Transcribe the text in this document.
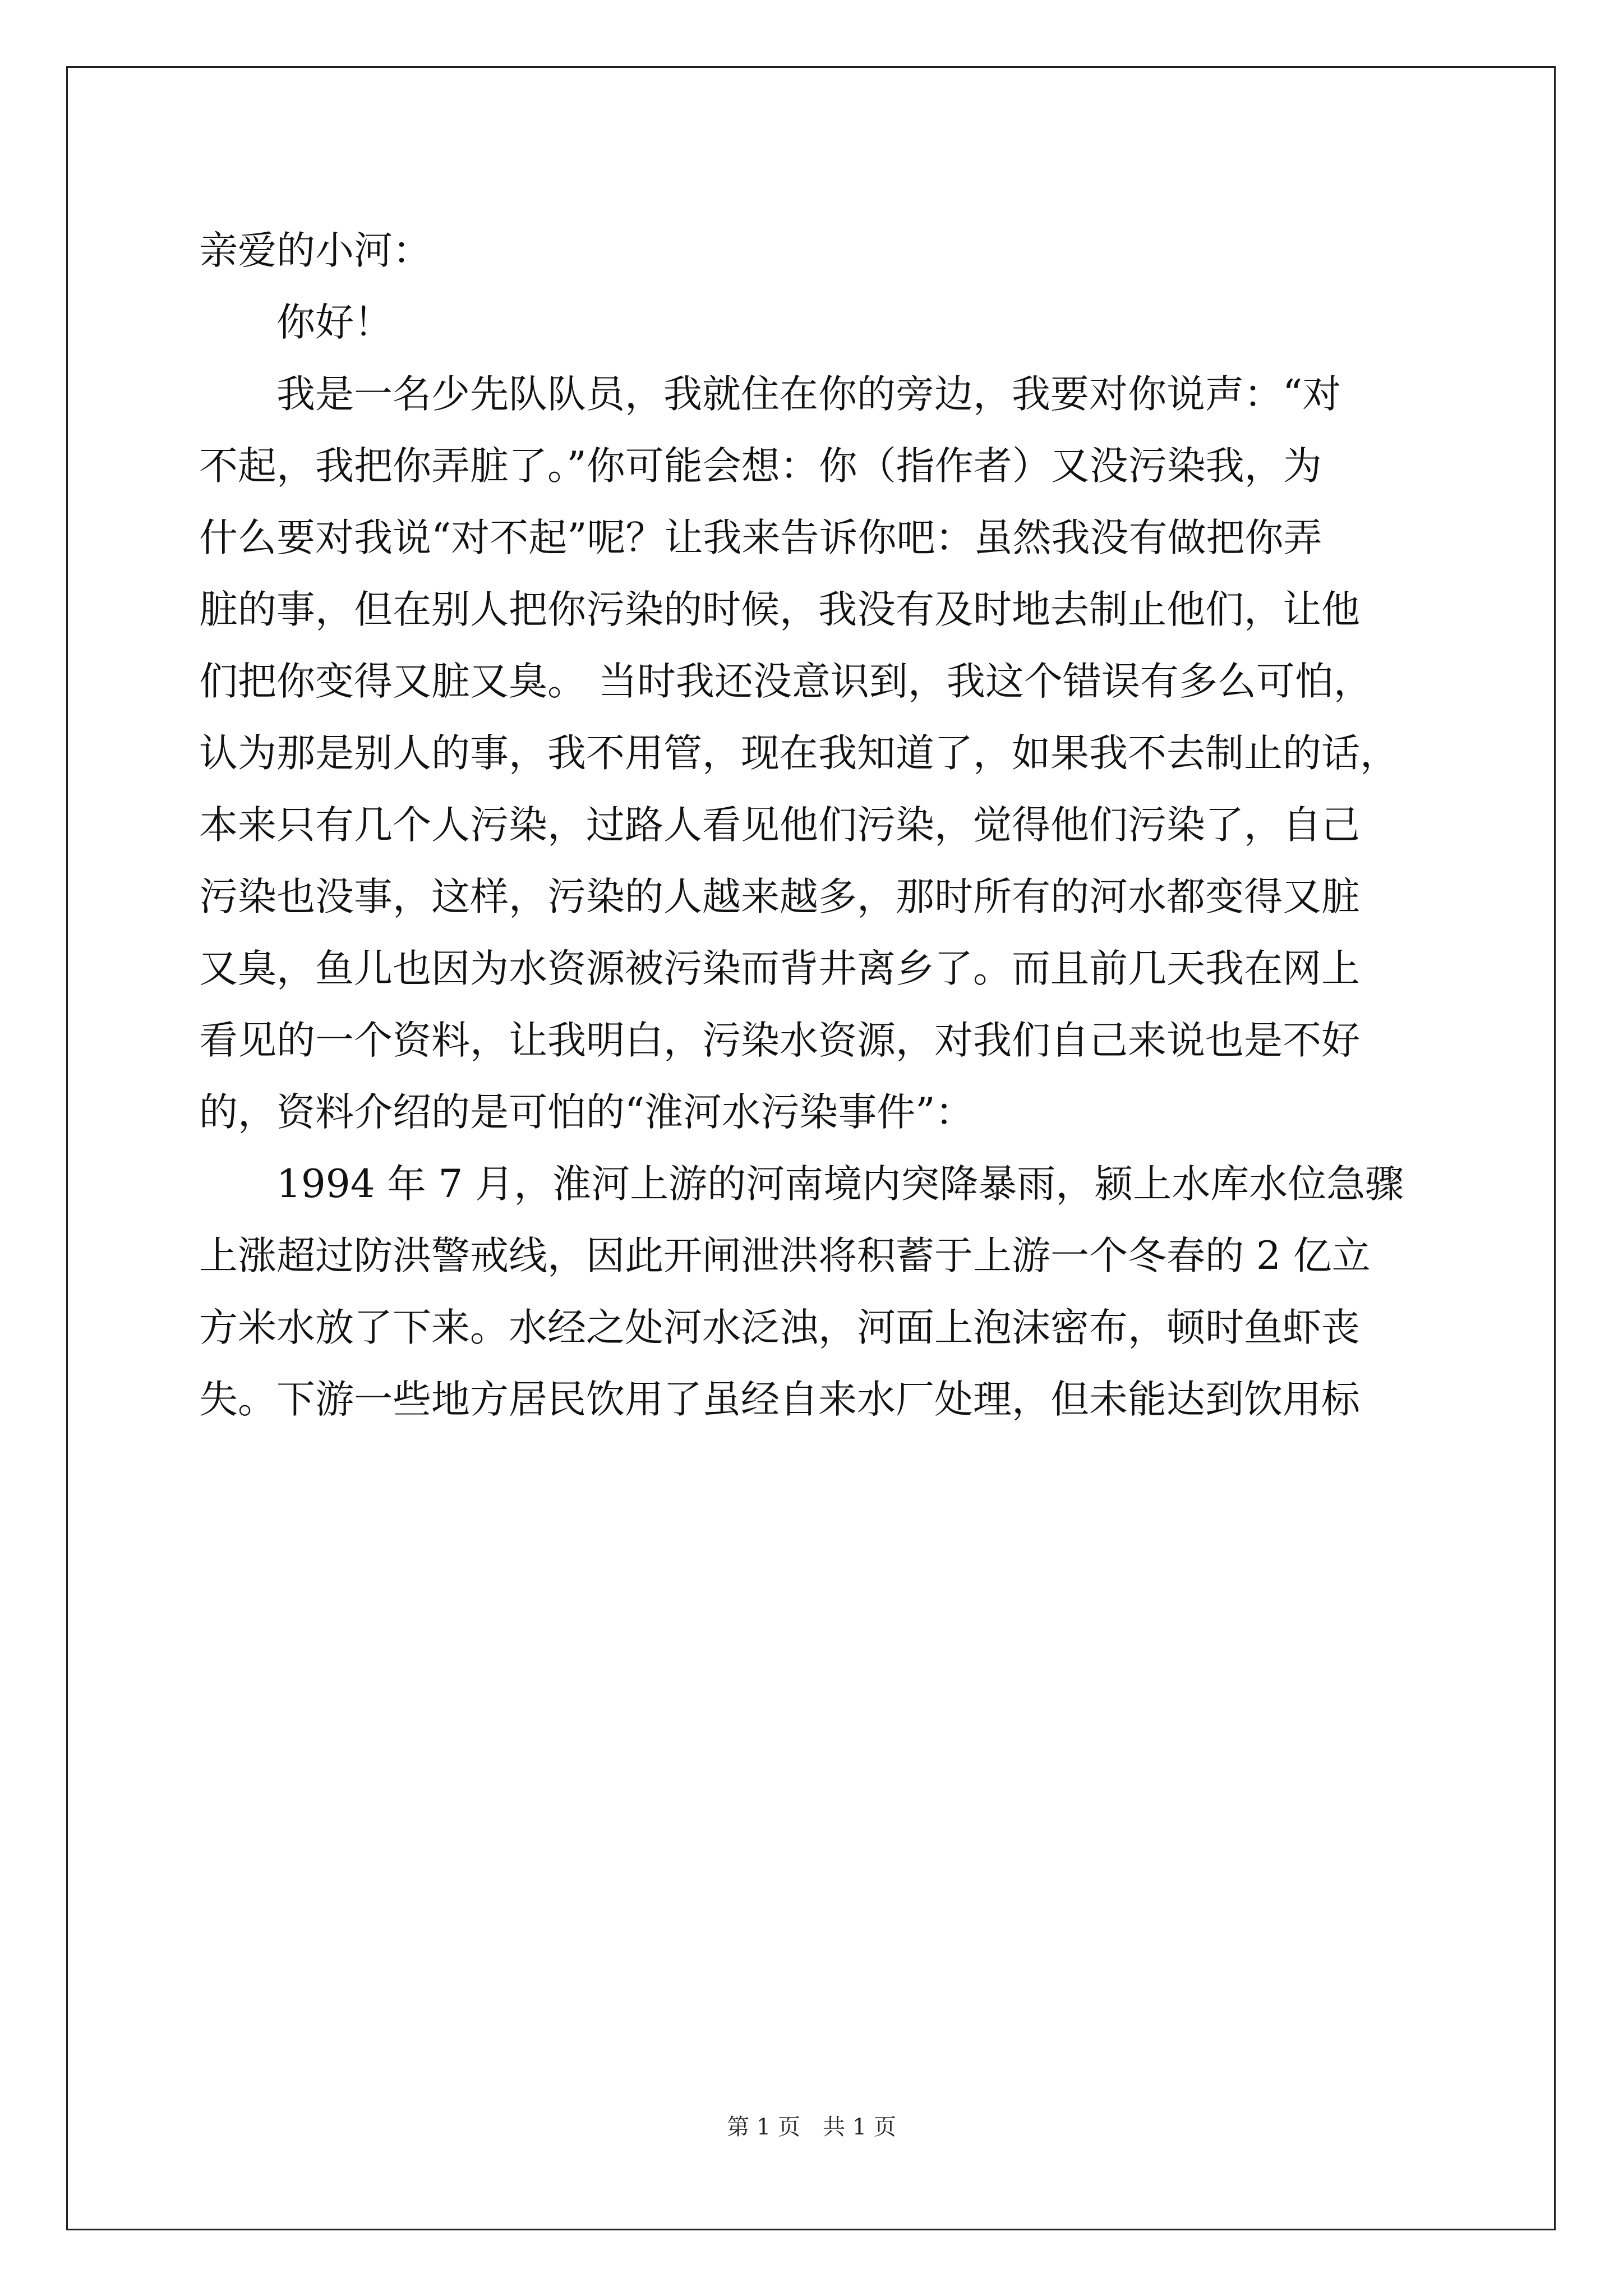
亲爱的小河：
　　你好！
　　我是一名少先队队员，我就住在你的旁边，我要对你说声：“对
不起，我把你弄脏了。”你可能会想：你（指作者）又没污染我，为
什么要对我说“对不起”呢？让我来告诉你吧：虽然我没有做把你弄
脏的事，但在别人把你污染的时候，我没有及时地去制止他们，让他
们把你变得又脏又臭。 当时我还没意识到，我这个错误有多么可怕，
认为那是别人的事，我不用管，现在我知道了，如果我不去制止的话，
本来只有几个人污染，过路人看见他们污染，觉得他们污染了，自己
污染也没事，这样，污染的人越来越多，那时所有的河水都变得又脏
又臭，鱼儿也因为水资源被污染而背井离乡了。而且前几天我在网上
看见的一个资料，让我明白，污染水资源，对我们自己来说也是不好
的，资料介绍的是可怕的“淮河水污染事件”：
　　1994 年 7 月，淮河上游的河南境内突降暴雨，颍上水库水位急骤
上涨超过防洪警戒线，因此开闸泄洪将积蓄于上游一个冬春的 2 亿立
方米水放了下来。水经之处河水泛浊，河面上泡沫密布，顿时鱼虾丧
失。下游一些地方居民饮用了虽经自来水厂处理，但未能达到饮用标
第 1 页　共 1 页
